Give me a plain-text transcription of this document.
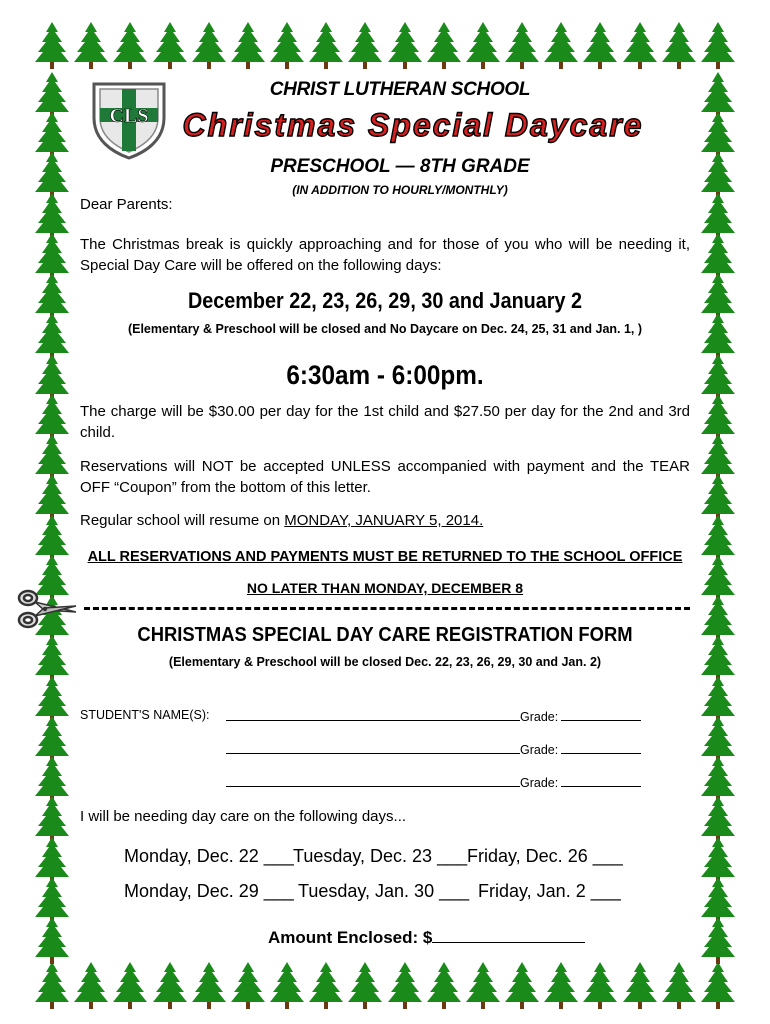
CLS
CHRIST LUTHERAN SCHOOL
Christmas Special Daycare
PRESCHOOL — 8TH GRADE
(IN ADDITION TO HOURLY/MONTHLY)
Dear Parents:
The Christmas break is quickly approaching and for those of you who will be needing it, Special Day Care will be offered on the following days:
December 22, 23, 26, 29, 30 and January 2
(Elementary & Preschool will be closed and No Daycare on Dec. 24, 25, 31 and Jan. 1, )
6:30am - 6:00pm.
The charge will be $30.00 per day for the 1st child and $27.50 per day for the 2nd and 3rd child.
Reservations will NOT be accepted UNLESS accompanied with payment and the TEAR OFF “Coupon” from the bottom of this letter.
Regular school will resume on MONDAY, JANUARY 5, 2014.
ALL RESERVATIONS AND PAYMENTS MUST BE RETURNED TO THE SCHOOL OFFICE
NO LATER THAN MONDAY, DECEMBER 8
CHRISTMAS SPECIAL DAY CARE REGISTRATION FORM
(Elementary & Preschool will be closed Dec. 22, 23, 26, 29, 30 and Jan. 2)
STUDENT'S NAME(S):	Grade:
Grade:
Grade:
I will be needing day care on the following days...
Monday, Dec. 22 ___ Tuesday, Dec. 23 ___ Friday, Dec. 26 ___
Monday, Dec. 29 ___ Tuesday, Jan. 30 ___ Friday, Jan. 2 ___
Amount Enclosed: $
